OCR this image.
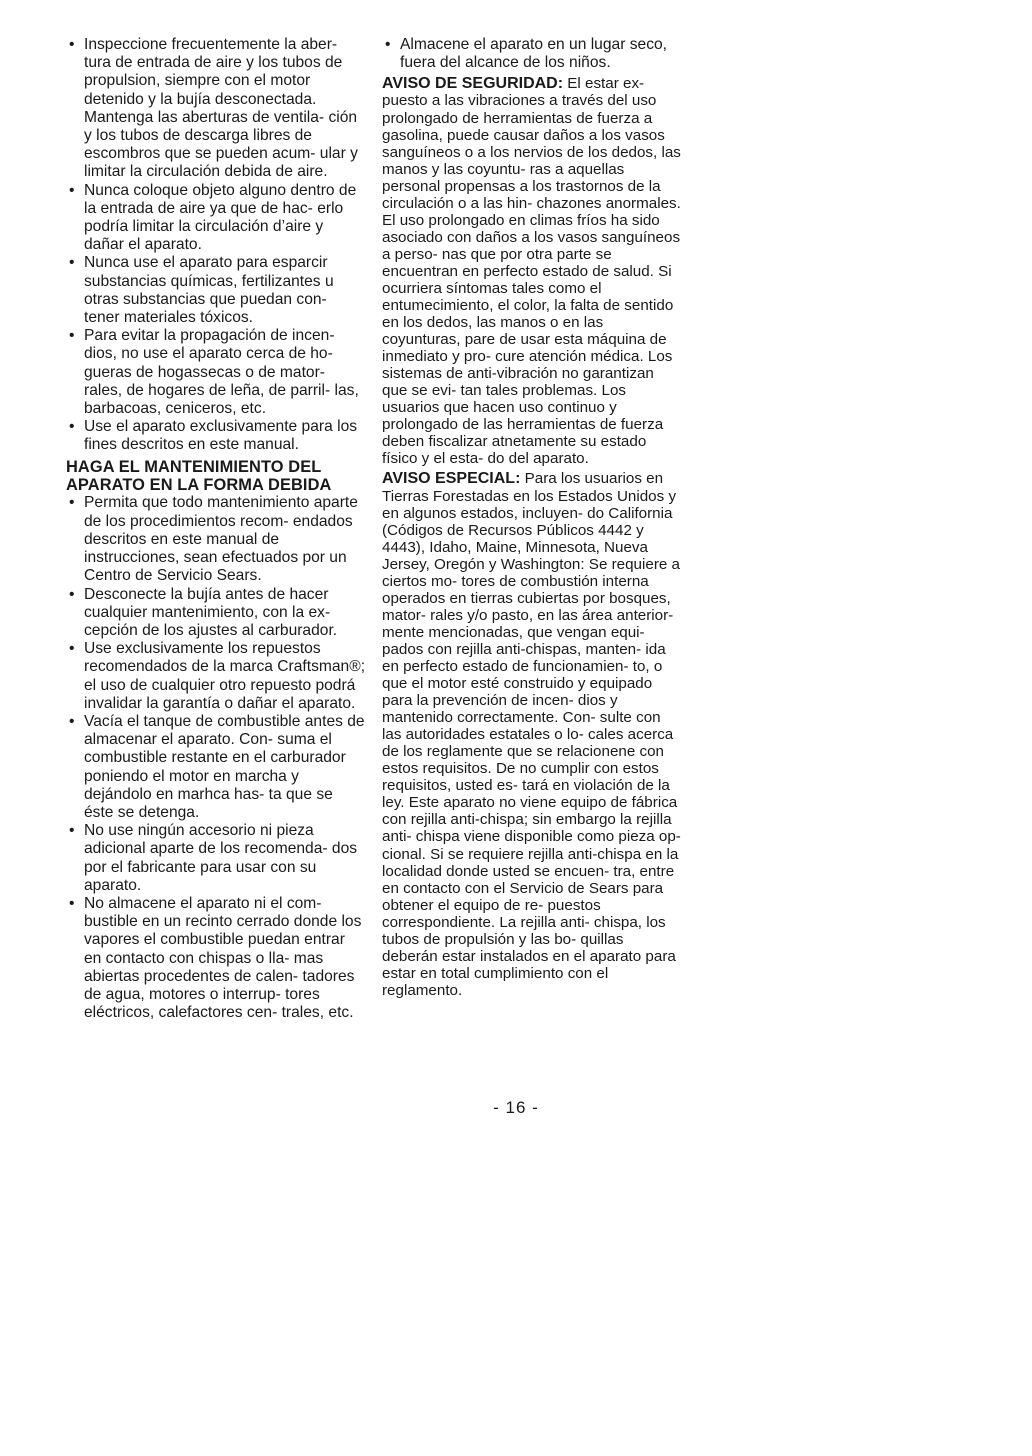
• Inspeccione frecuentemente la aber- tura de entrada de aire y los tubos de propulsion, siempre con el motor detenido y la bujía desconectada. Mantenga las aberturas de ventila- ción y los tubos de descarga libres de escombros que se pueden acum- ular y limitar la circulación debida de aire.
• Nunca coloque objeto alguno dentro de la entrada de aire ya que de hac- erlo podría limitar la circulación d’aire y dañar el aparato.
• Nunca use el aparato para esparcir substancias químicas, fertilizantes u otras substancias que puedan con- tener materiales tóxicos.
• Para evitar la propagación de incen- dios, no use el aparato cerca de ho- gueras de hogassecas o de mator- rales, de hogares de leña, de parril- las, barbacoas, ceniceros, etc.
• Use el aparato exclusivamente para los fines descritos en este manual.
HAGA EL MANTENIMIENTO DEL
APARATO EN LA FORMA DEBIDA
• Permita que todo mantenimiento aparte de los procedimientos recom- endados descritos en este manual de instrucciones, sean efectuados por un Centro de Servicio Sears.
• Desconecte la bujía antes de hacer cualquier mantenimiento, con la ex- cepción de los ajustes al carburador.
• Use exclusivamente los repuestos recomendados de la marca Craftsman®; el uso de cualquier otro repuesto podrá invalidar la garantía o dañar el aparato.
• Vacía el tanque de combustible antes de almacenar el aparato. Con- suma el combustible restante en el carburador poniendo el motor en marcha y dejándolo en marhca has- ta que se éste se detenga.
• No use ningún accesorio ni pieza adicional aparte de los recomenda- dos por el fabricante para usar con su aparato.
• No almacene el aparato ni el com- bustible en un recinto cerrado donde los vapores el combustible puedan entrar en contacto con chispas o lla- mas abiertas procedentes de calen- tadores de agua, motores o interrup- tores eléctricos, calefactores cen- trales, etc.
• Almacene el aparato en un lugar seco, fuera del alcance de los niños.

AVISO DE SEGURIDAD: El estar ex- puesto a las vibraciones a través del uso prolongado de herramientas de fuerza a gasolina, puede causar daños a los vasos sanguíneos o a los nervios de los dedos, las manos y las coyuntu- ras a aquellas personal propensas a los trastornos de la circulación o a las hin- chazones anormales. El uso prolongado en climas fríos ha sido asociado con daños a los vasos sanguíneos a perso- nas que por otra parte se encuentran en perfecto estado de salud. Si ocurriera síntomas tales como el entumecimiento, el color, la falta de sentido en los dedos, las manos o en las coyunturas, pare de usar esta máquina de inmediato y pro- cure atención médica. Los sistemas de anti-vibración no garantizan que se evi- tan tales problemas. Los usuarios que hacen uso continuo y prolongado de las herramientas de fuerza deben fiscalizar atnetamente su estado físico y el esta- do del aparato.

AVISO ESPECIAL: Para los usuarios en Tierras Forestadas en los Estados Unidos y en algunos estados, incluyen- do California (Códigos de Recursos Públicos 4442 y 4443), Idaho, Maine, Minnesota, Nueva Jersey, Oregón y Washington: Se requiere a ciertos mo- tores de combustión interna operados en tierras cubiertas por bosques, mator- rales y/o pasto, en las área anterior- mente mencionadas, que vengan equi- pados con rejilla anti-chispas, manten- ida en perfecto estado de funcionamien- to, o que el motor esté construido y equipado para la prevención de incen- dios y mantenido correctamente. Con- sulte con las autoridades estatales o lo- cales acerca de los reglamente que se relacionene con estos requisitos. De no cumplir con estos requisitos, usted es- tará en violación de la ley. Este aparato no viene equipo de fábrica con rejilla anti-chispa; sin embargo la rejilla anti- chispa viene disponible como pieza op- cional. Si se requiere rejilla anti-chispa en la localidad donde usted se encuen- tra, entre en contacto con el Servicio de Sears para obtener el equipo de re- puestos correspondiente. La rejilla anti- chispa, los tubos de propulsión y las bo- quillas deberán estar instalados en el aparato para estar en total cumplimiento con el reglamento.

- 16 -
